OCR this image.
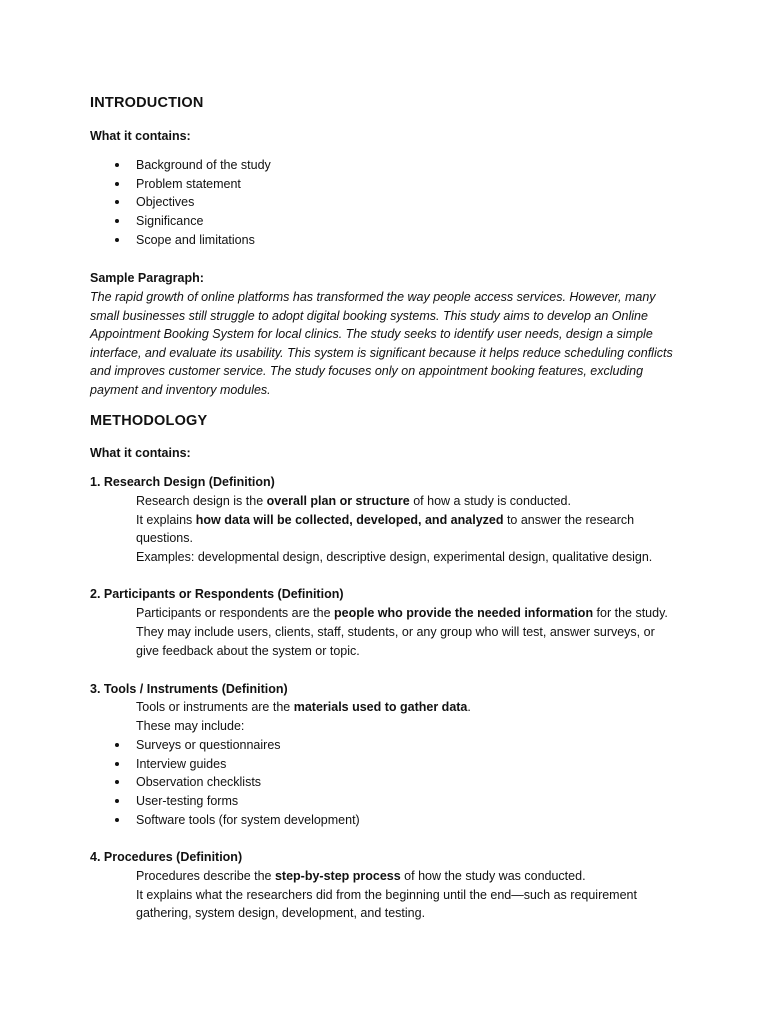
INTRODUCTION
What it contains:
Background of the study
Problem statement
Objectives
Significance
Scope and limitations
Sample Paragraph:
The rapid growth of online platforms has transformed the way people access services. However, many
small businesses still struggle to adopt digital booking systems. This study aims to develop an Online
Appointment Booking System for local clinics. The study seeks to identify user needs, design a simple
interface, and evaluate its usability. This system is significant because it helps reduce scheduling conflicts
and improves customer service. The study focuses only on appointment booking features, excluding
payment and inventory modules.
METHODOLOGY
What it contains:
1. Research Design (Definition)
Research design is the overall plan or structure of how a study is conducted.
It explains how data will be collected, developed, and analyzed to answer the research
questions.
Examples: developmental design, descriptive design, experimental design, qualitative design.
2. Participants or Respondents (Definition)
Participants or respondents are the people who provide the needed information for the study.
They may include users, clients, staff, students, or any group who will test, answer surveys, or
give feedback about the system or topic.
3. Tools / Instruments (Definition)
Tools or instruments are the materials used to gather data.
These may include:
Surveys or questionnaires
Interview guides
Observation checklists
User-testing forms
Software tools (for system development)
4. Procedures (Definition)
Procedures describe the step-by-step process of how the study was conducted.
It explains what the researchers did from the beginning until the end—such as requirement
gathering, system design, development, and testing.
